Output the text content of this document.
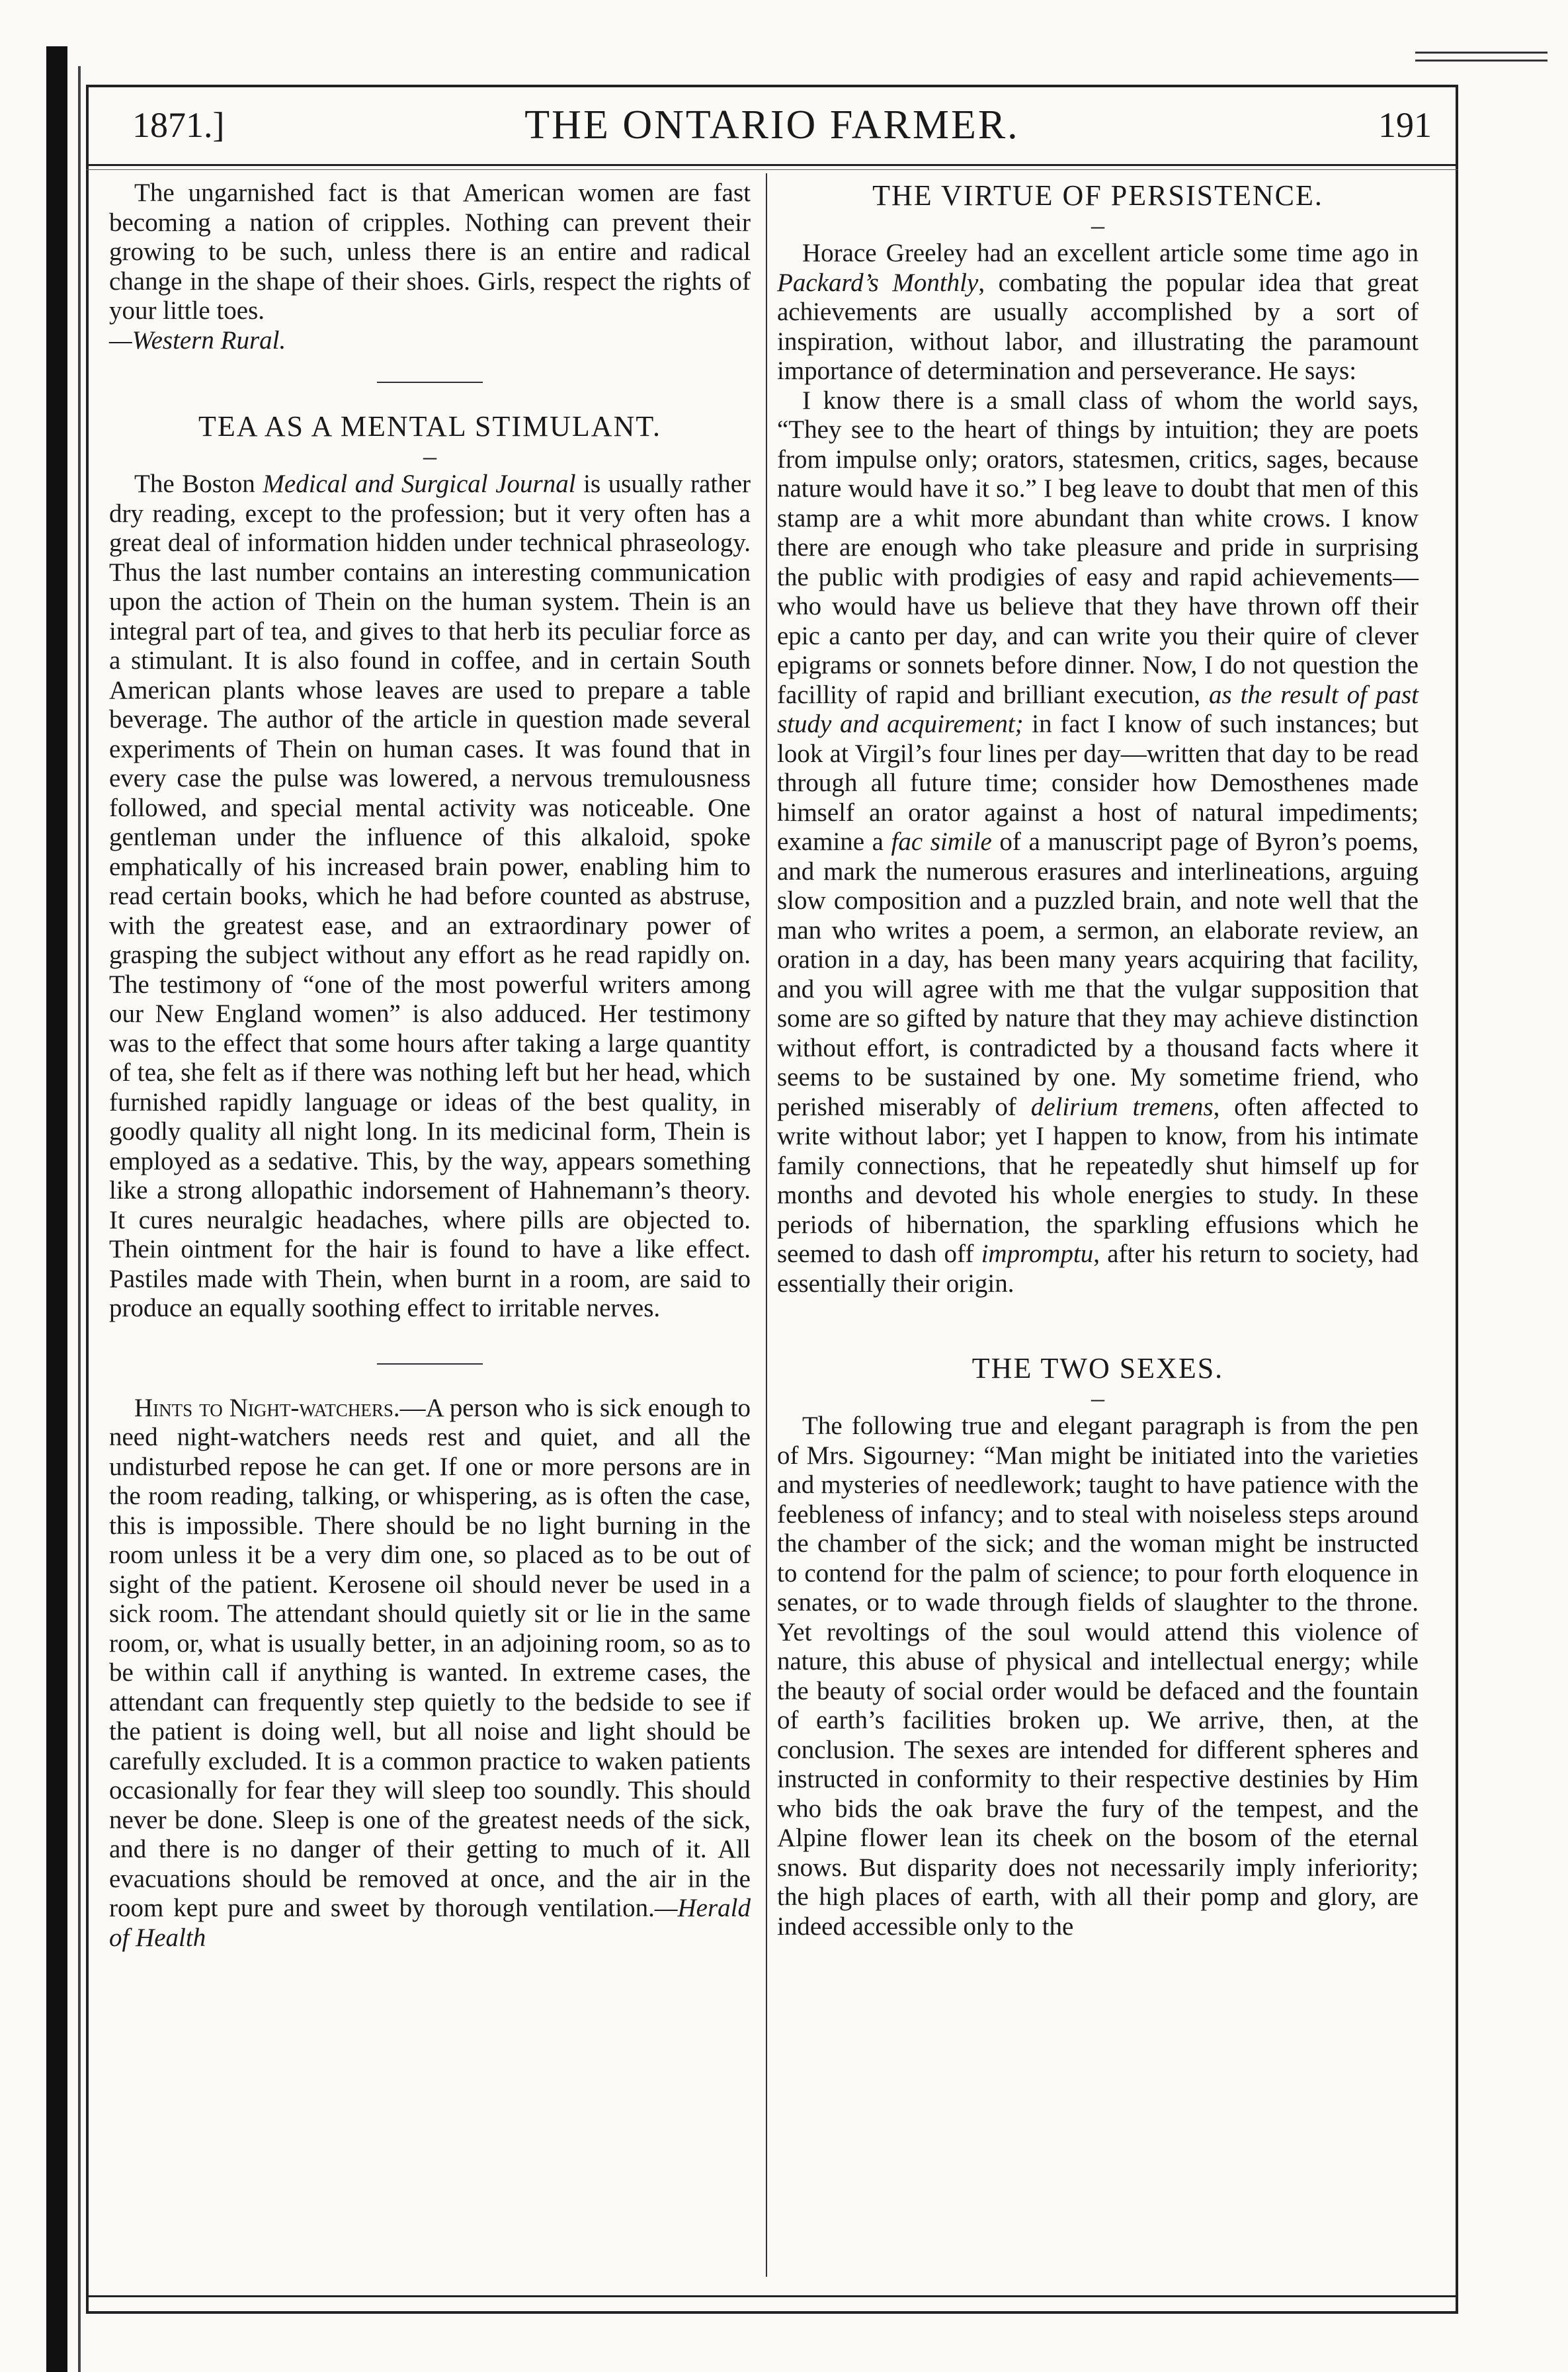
1871.]	THE ONTARIO FARMER.	191

The ungarnished fact is that American women are fast becoming a nation of cripples. Nothing can prevent their growing to be such, unless there is an entire and radical change in the shape of their shoes. Girls, respect the rights of your little toes.

—Western Rural.

TEA AS A MENTAL STIMULANT.
–

The Boston Medical and Surgical Journal is usually rather dry reading, except to the profession; but it very often has a great deal of information hidden under technical phraseology. Thus the last number contains an interesting communication upon the action of Thein on the human system. Thein is an integral part of tea, and gives to that herb its peculiar force as a stimulant. It is also found in coffee, and in certain South American plants whose leaves are used to prepare a table beverage. The author of the article in question made several experiments of Thein on human cases. It was found that in every case the pulse was lowered, a nervous tremulousness followed, and special mental activity was noticeable. One gentleman under the influence of this alkaloid, spoke emphatically of his increased brain power, enabling him to read certain books, which he had before counted as abstruse, with the greatest ease, and an extraordinary power of grasping the subject without any effort as he read rapidly on. The testimony of “one of the most powerful writers among our New England women” is also adduced. Her testimony was to the effect that some hours after taking a large quantity of tea, she felt as if there was nothing left but her head, which furnished rapidly language or ideas of the best quality, in goodly quality all night long. In its medicinal form, Thein is employed as a sedative. This, by the way, appears something like a strong allopathic indorsement of Hahnemann’s theory. It cures neuralgic headaches, where pills are objected to. Thein ointment for the hair is found to have a like effect. Pastiles made with Thein, when burnt in a room, are said to produce an equally soothing effect to irritable nerves.

Hints to Night-watchers.—A person who is sick enough to need night-watchers needs rest and quiet, and all the undisturbed repose he can get. If one or more persons are in the room reading, talking, or whispering, as is often the case, this is impossible. There should be no light burning in the room unless it be a very dim one, so placed as to be out of sight of the patient. Kerosene oil should never be used in a sick room. The attendant should quietly sit or lie in the same room, or, what is usually better, in an adjoining room, so as to be within call if anything is wanted. In extreme cases, the attendant can frequently step quietly to the bedside to see if the patient is doing well, but all noise and light should be carefully excluded. It is a common practice to waken patients occasionally for fear they will sleep too soundly. This should never be done. Sleep is one of the greatest needs of the sick, and there is no danger of their getting to much of it. All evacuations should be removed at once, and the air in the room kept pure and sweet by thorough ventilation.—Herald of Health

THE VIRTUE OF PERSISTENCE.
–

Horace Greeley had an excellent article some time ago in Packard’s Monthly, combating the popular idea that great achievements are usually accomplished by a sort of inspiration, without labor, and illustrating the paramount importance of determination and perseverance. He says:

I know there is a small class of whom the world says, “They see to the heart of things by intuition; they are poets from impulse only; orators, statesmen, critics, sages, because nature would have it so.” I beg leave to doubt that men of this stamp are a whit more abundant than white crows. I know there are enough who take pleasure and pride in surprising the public with prodigies of easy and rapid achievements—who would have us believe that they have thrown off their epic a canto per day, and can write you their quire of clever epigrams or sonnets before dinner. Now, I do not question the facillity of rapid and brilliant execution, as the result of past study and acquirement; in fact I know of such instances; but look at Virgil’s four lines per day—written that day to be read through all future time; consider how Demosthenes made himself an orator against a host of natural impediments; examine a fac simile of a manuscript page of Byron’s poems, and mark the numerous erasures and interlineations, arguing slow composition and a puzzled brain, and note well that the man who writes a poem, a sermon, an elaborate review, an oration in a day, has been many years acquiring that facility, and you will agree with me that the vulgar supposition that some are so gifted by nature that they may achieve distinction without effort, is contradicted by a thousand facts where it seems to be sustained by one. My sometime friend, who perished miserably of delirium tremens, often affected to write without labor; yet I happen to know, from his intimate family connections, that he repeatedly shut himself up for months and devoted his whole energies to study. In these periods of hibernation, the sparkling effusions which he seemed to dash off impromptu, after his return to society, had essentially their origin.

THE TWO SEXES.
–

The following true and elegant paragraph is from the pen of Mrs. Sigourney: “Man might be initiated into the varieties and mysteries of needlework; taught to have patience with the feebleness of infancy; and to steal with noiseless steps around the chamber of the sick; and the woman might be instructed to contend for the palm of science; to pour forth eloquence in senates, or to wade through fields of slaughter to the throne. Yet revoltings of the soul would attend this violence of nature, this abuse of physical and intellectual energy; while the beauty of social order would be defaced and the fountain of earth’s facilities broken up. We arrive, then, at the conclusion. The sexes are intended for different spheres and instructed in conformity to their respective destinies by Him who bids the oak brave the fury of the tempest, and the Alpine flower lean its cheek on the bosom of the eternal snows. But disparity does not necessarily imply inferiority; the high places of earth, with all their pomp and glory, are indeed accessible only to the
